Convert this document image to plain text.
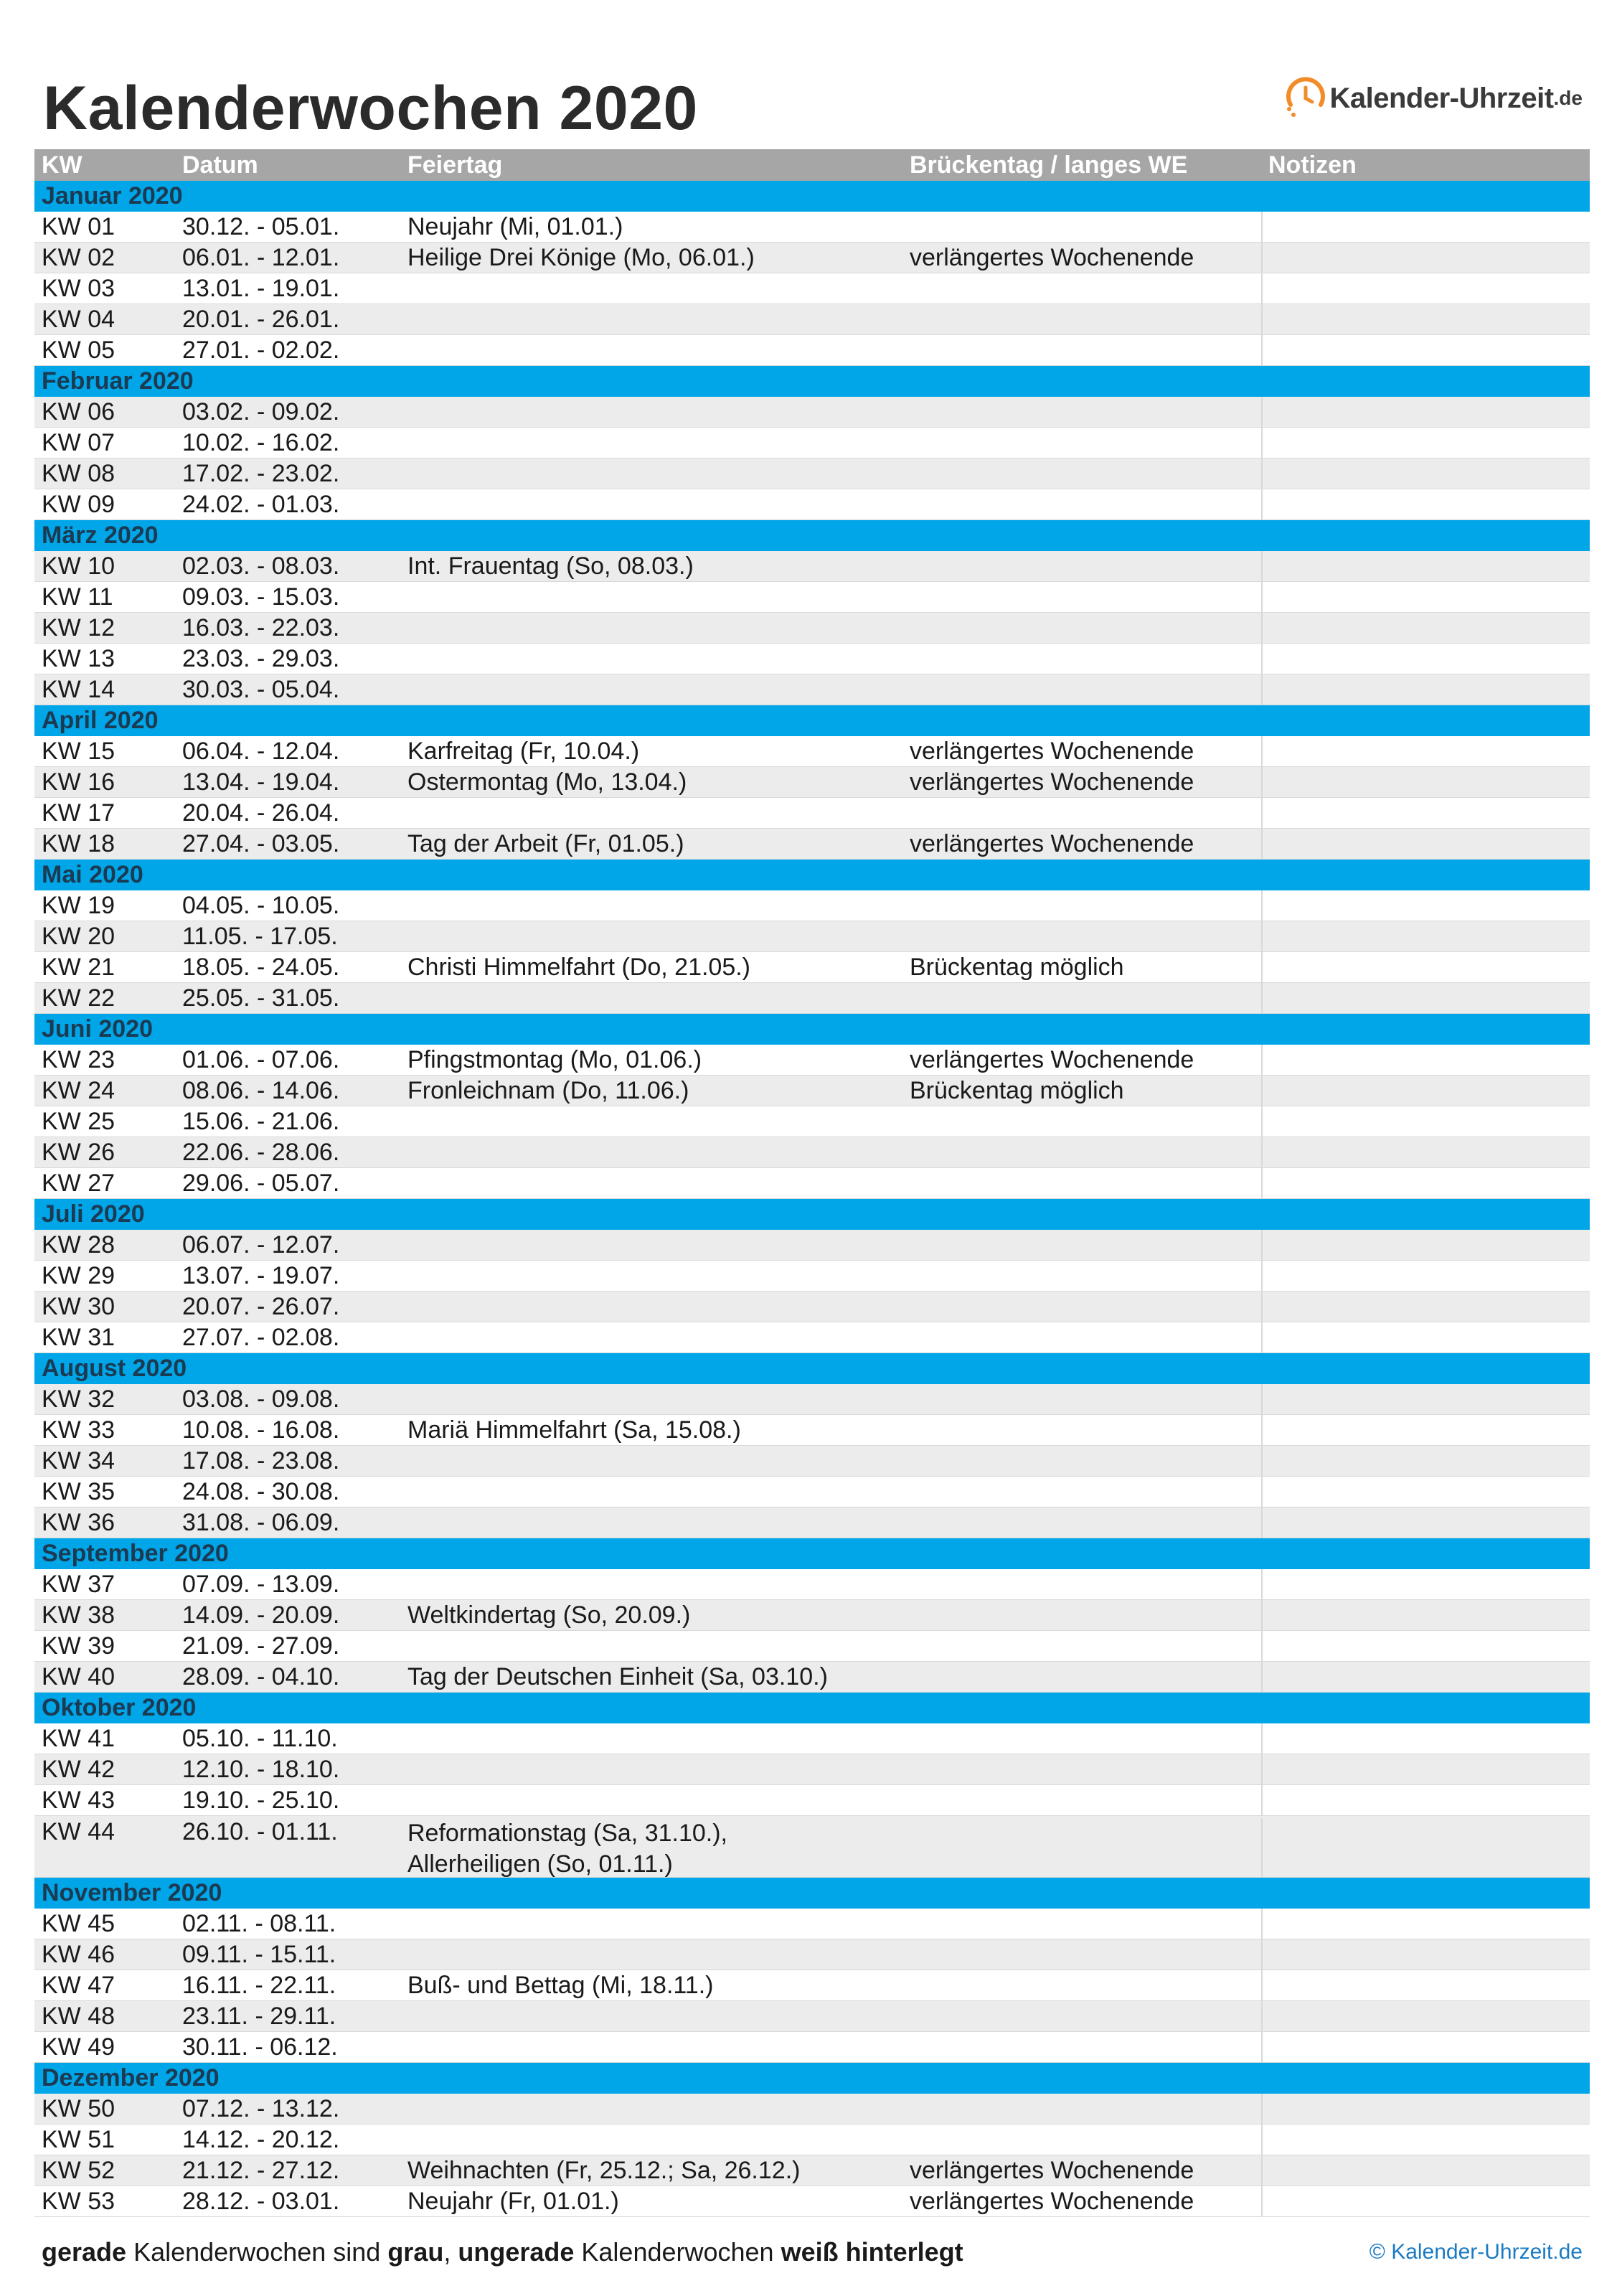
Kalenderwochen 2020	Kalender-Uhrzeit .de
KW	Datum	Feiertag	Brückentag / langes WE	Notizen
Januar 2020
KW 01	30.12. - 05.01.	Neujahr (Mi, 01.01.)
KW 02	06.01. - 12.01.	Heilige Drei Könige (Mo, 06.01.)	verlängertes Wochenende
KW 03	13.01. - 19.01.
KW 04	20.01. - 26.01.
KW 05	27.01. - 02.02.
Februar 2020
KW 06	03.02. - 09.02.
KW 07	10.02. - 16.02.
KW 08	17.02. - 23.02.
KW 09	24.02. - 01.03.
März 2020
KW 10	02.03. - 08.03.	Int. Frauentag (So, 08.03.)
KW 11	09.03. - 15.03.
KW 12	16.03. - 22.03.
KW 13	23.03. - 29.03.
KW 14	30.03. - 05.04.
April 2020
KW 15	06.04. - 12.04.	Karfreitag (Fr, 10.04.)	verlängertes Wochenende
KW 16	13.04. - 19.04.	Ostermontag (Mo, 13.04.)	verlängertes Wochenende
KW 17	20.04. - 26.04.
KW 18	27.04. - 03.05.	Tag der Arbeit (Fr, 01.05.)	verlängertes Wochenende
Mai 2020
KW 19	04.05. - 10.05.
KW 20	11.05. - 17.05.
KW 21	18.05. - 24.05.	Christi Himmelfahrt (Do, 21.05.)	Brückentag möglich
KW 22	25.05. - 31.05.
Juni 2020
KW 23	01.06. - 07.06.	Pfingstmontag (Mo, 01.06.)	verlängertes Wochenende
KW 24	08.06. - 14.06.	Fronleichnam (Do, 11.06.)	Brückentag möglich
KW 25	15.06. - 21.06.
KW 26	22.06. - 28.06.
KW 27	29.06. - 05.07.
Juli 2020
KW 28	06.07. - 12.07.
KW 29	13.07. - 19.07.
KW 30	20.07. - 26.07.
KW 31	27.07. - 02.08.
August 2020
KW 32	03.08. - 09.08.
KW 33	10.08. - 16.08.	Mariä Himmelfahrt (Sa, 15.08.)
KW 34	17.08. - 23.08.
KW 35	24.08. - 30.08.
KW 36	31.08. - 06.09.
September 2020
KW 37	07.09. - 13.09.
KW 38	14.09. - 20.09.	Weltkindertag (So, 20.09.)
KW 39	21.09. - 27.09.
KW 40	28.09. - 04.10.	Tag der Deutschen Einheit (Sa, 03.10.)
Oktober 2020
KW 41	05.10. - 11.10.
KW 42	12.10. - 18.10.
KW 43	19.10. - 25.10.
KW 44	26.10. - 01.11.	Reformationstag (Sa, 31.10.),
Allerheiligen (So, 01.11.)
November 2020
KW 45	02.11. - 08.11.
KW 46	09.11. - 15.11.
KW 47	16.11. - 22.11.	Buß- und Bettag (Mi, 18.11.)
KW 48	23.11. - 29.11.
KW 49	30.11. - 06.12.
Dezember 2020
KW 50	07.12. - 13.12.
KW 51	14.12. - 20.12.
KW 52	21.12. - 27.12.	Weihnachten (Fr, 25.12.; Sa, 26.12.)	verlängertes Wochenende
KW 53	28.12. - 03.01.	Neujahr (Fr, 01.01.)	verlängertes Wochenende

gerade Kalenderwochen sind grau, ungerade Kalenderwochen weiß hinterlegt	© Kalender-Uhrzeit.de
